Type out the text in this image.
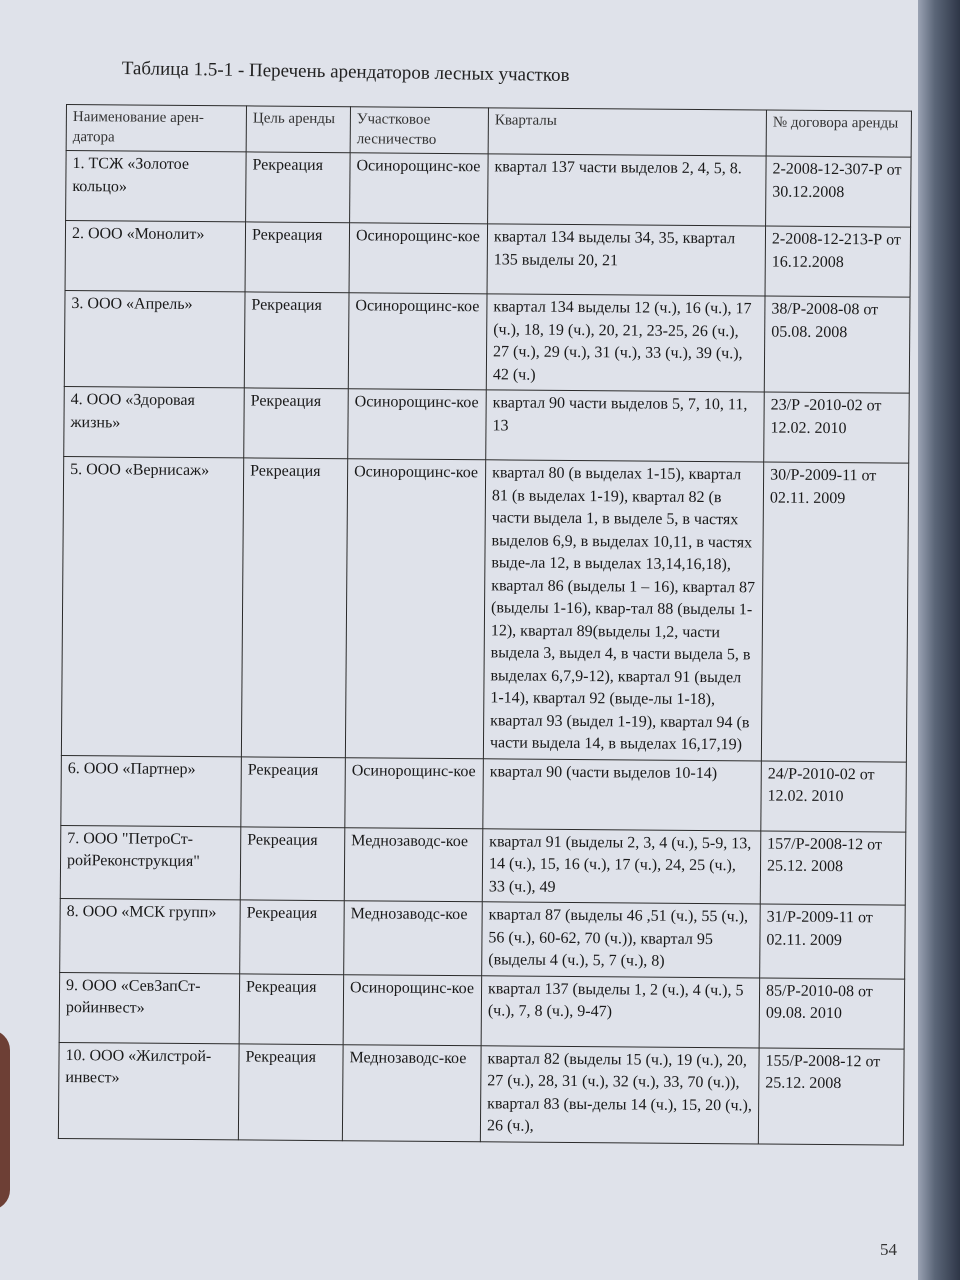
Таблица 1.5-1 - Перечень арендаторов лесных участков
Наименование арен-датора	Цель аренды	Участковое лесничество	Кварталы	№ договора аренды
1. ТСЖ «Золотое кольцо»	Рекреация	Осинорощинс-кое	квартал 137 части выделов 2, 4, 5, 8.	2-2008-12-307-Р от 30.12.2008
2. ООО «Монолит»	Рекреация	Осинорощинс-кое	квартал 134 выделы 34, 35, квартал 135 выделы 20, 21	2-2008-12-213-Р от 16.12.2008
3. ООО «Апрель»	Рекреация	Осинорощинс-кое	квартал 134 выделы 12 (ч.), 16 (ч.), 17 (ч.), 18, 19 (ч.), 20, 21, 23-25, 26 (ч.), 27 (ч.), 29 (ч.), 31 (ч.), 33 (ч.), 39 (ч.), 42 (ч.)	38/Р-2008-08 от 05.08. 2008
4. ООО «Здоровая жизнь»	Рекреация	Осинорощинс-кое	квартал 90 части выделов 5, 7, 10, 11, 13	23/Р -2010-02 от 12.02. 2010
5. ООО «Вернисаж»	Рекреация	Осинорощинс-кое	квартал 80 (в выделах 1-15), квартал 81 (в выделах 1-19), квартал 82 (в части выдела 1, в выделе 5, в частях выделов 6,9, в выделах 10,11, в частях выде-ла 12, в выделах 13,14,16,18), квартал 86 (выделы 1 – 16), квартал 87 (выделы 1-16), квар-тал 88 (выделы 1-12), квартал 89(выделы 1,2, части выдела 3, выдел 4, в части выдела 5, в выделах 6,7,9-12), квартал 91 (выдел 1-14), квартал 92 (выде-лы 1-18), квартал 93 (выдел 1-19), квартал 94 (в части выдела 14, в выделах 16,17,19)	30/Р-2009-11 от 02.11. 2009
6. ООО «Партнер»	Рекреация	Осинорощинс-кое	квартал 90 (части выделов 10-14)	24/Р-2010-02 от 12.02. 2010
7. ООО "ПетроСт-ройРеконструкция"	Рекреация	Меднозаводс-кое	квартал 91 (выделы 2, 3, 4 (ч.), 5-9, 13, 14 (ч.), 15, 16 (ч.), 17 (ч.), 24, 25 (ч.), 33 (ч.), 49	157/Р-2008-12 от 25.12. 2008
8. ООО «МСК групп»	Рекреация	Меднозаводс-кое	квартал 87 (выделы 46 ,51 (ч.), 55 (ч.), 56 (ч.), 60-62, 70 (ч.)), квартал 95 (выделы 4 (ч.), 5, 7 (ч.), 8)	31/Р-2009-11 от 02.11. 2009
9. ООО «СевЗапСт-ройинвест»	Рекреация	Осинорощинс-кое	квартал 137 (выделы 1, 2 (ч.), 4 (ч.), 5 (ч.), 7, 8 (ч.), 9-47)	85/Р-2010-08 от 09.08. 2010
10. ООО «Жилстрой-инвест»	Рекреация	Меднозаводс-кое	квартал 82 (выделы 15 (ч.), 19 (ч.), 20, 27 (ч.), 28, 31 (ч.), 32 (ч.), 33, 70 (ч.)), квартал 83 (вы-делы 14 (ч.), 15, 20 (ч.), 26 (ч.),	155/Р-2008-12 от 25.12. 2008
54
